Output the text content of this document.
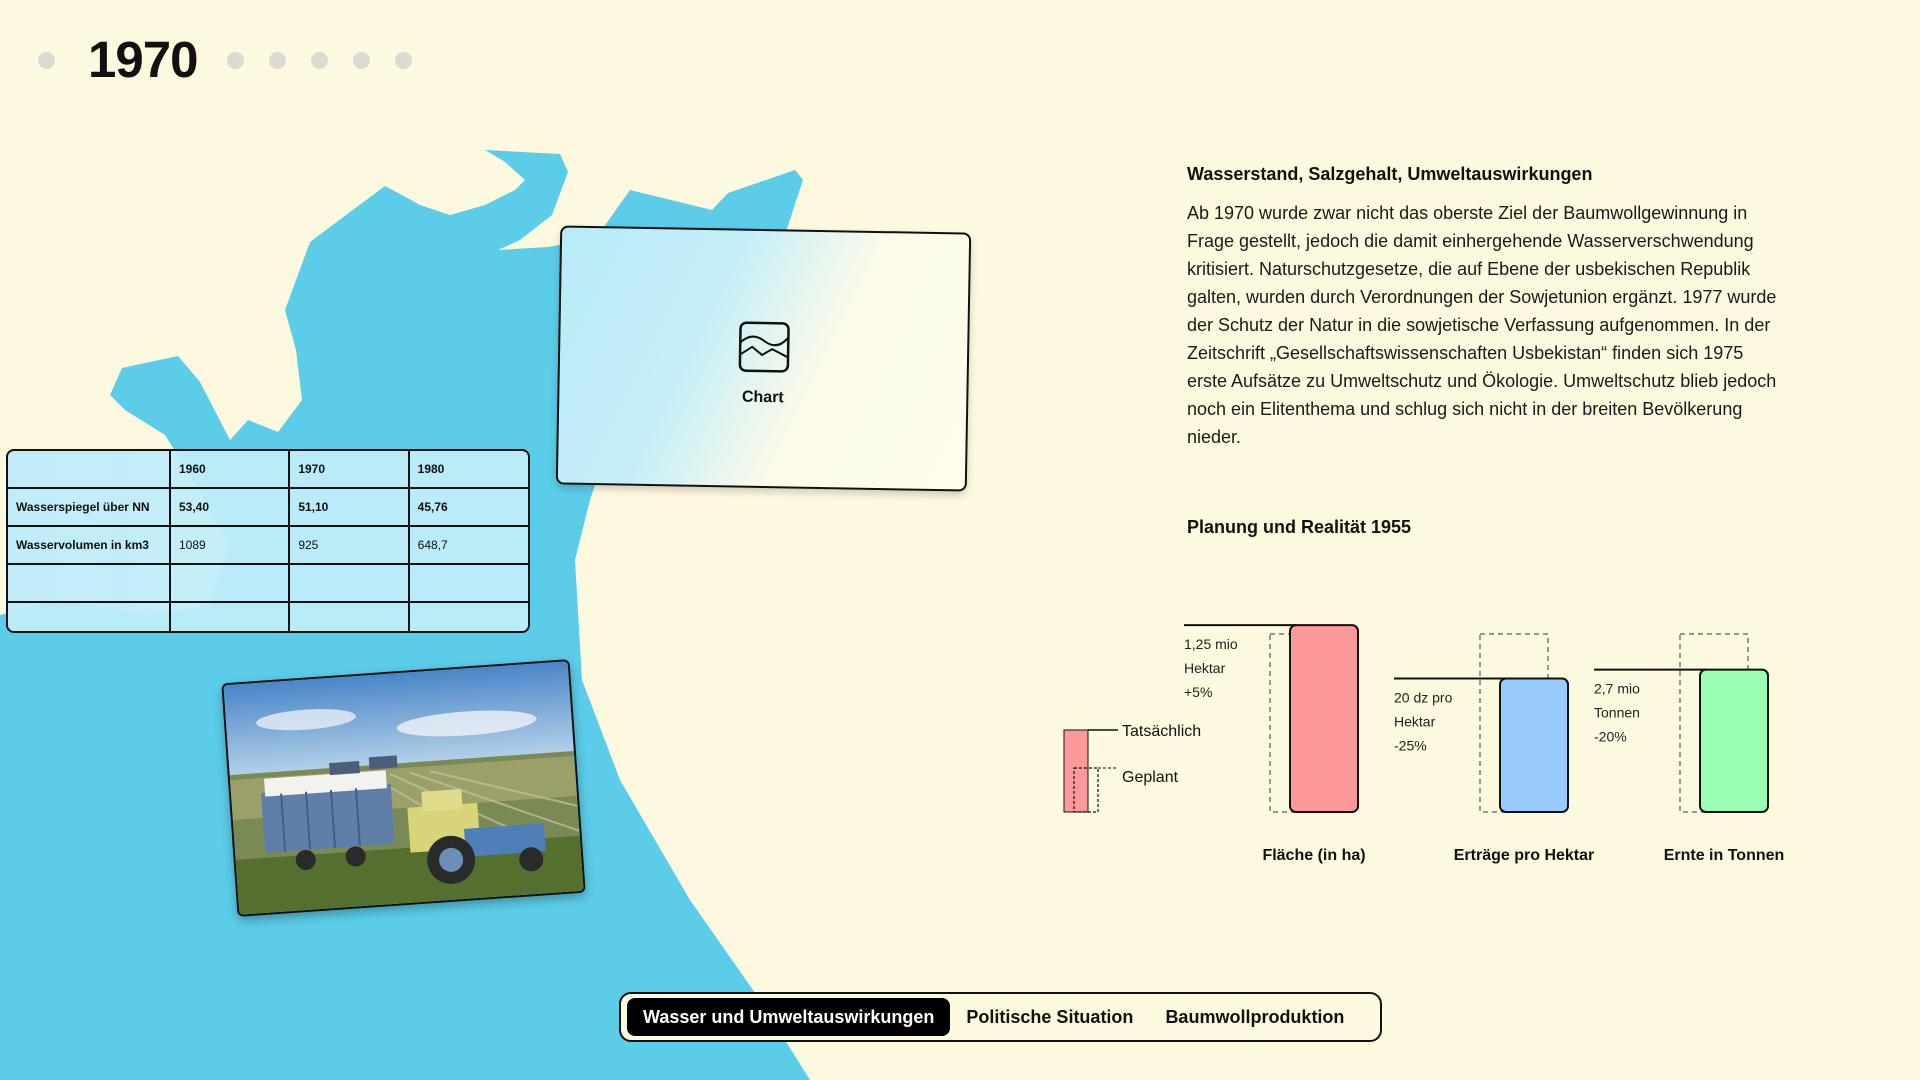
1970
	1960	1970	1980
Wasserspiegel über NN	53,40	51,10	45,76
Wasservolumen in km3	1089	925	648,7

Chart
Wasserstand, Salzgehalt, Umweltauswirkungen
Ab 1970 wurde zwar nicht das oberste Ziel der Baumwollgewinnung in Frage gestellt, jedoch die damit einhergehende Wasserverschwendung kritisiert. Naturschutzgesetze, die auf Ebene der usbekischen Republik galten, wurden durch Verordnungen der Sowjetunion ergänzt. 1977 wurde der Schutz der Natur in die sowjetische Verfassung aufgenommen. In der Zeitschrift „Gesellschaftswissenschaften Usbekistan“ finden sich 1975 erste Aufsätze zu Umweltschutz und Ökologie. Umweltschutz blieb jedoch noch ein Elitenthema und schlug sich nicht in der breiten Bevölkerung nieder.
Planung und Realität 1955
1,25 mio
Hektar
+5%
Fläche (in ha)
20 dz pro
Hektar
-25%
Erträge pro Hektar
2,7 mio
Tonnen
-20%
Ernte in Tonnen
Tatsächlich
Geplant
Wasser und Umweltauswirkungen	Politische Situation	Baumwollproduktion
